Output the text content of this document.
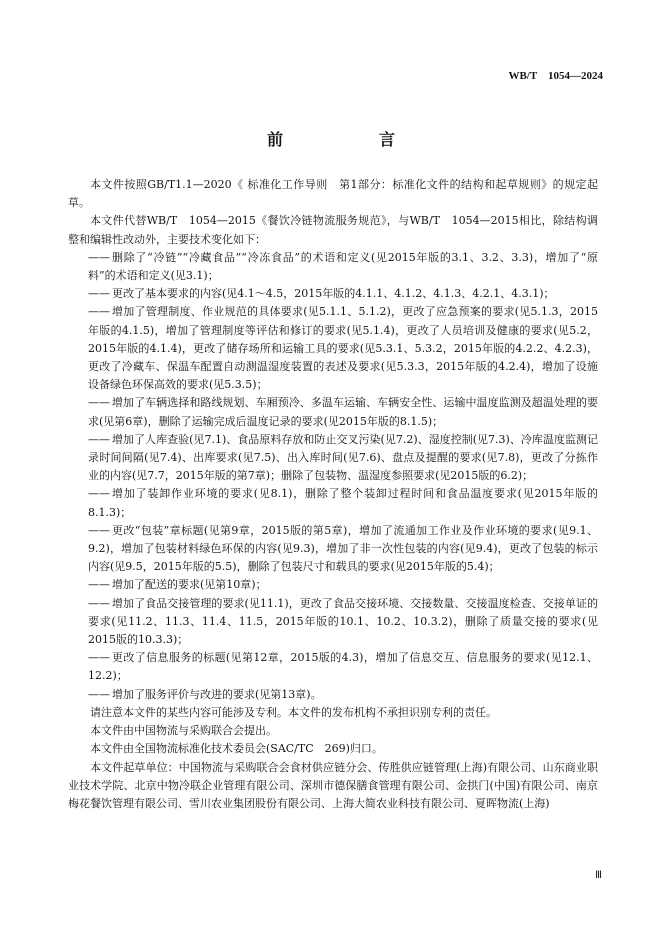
WB/T　1054—2024
前　言

本文件按照GB/T1.1—2020《 标准化工作导则　第1部分：标准化文件的结构和起草规则》的规定起草。

本文件代替WB/T　1054—2015《餐饮冷链物流服务规范》，与WB/T　1054—2015相比，除结构调整和编辑性改动外，主要技术变化如下：

—— 删除了“冷链”“冷藏食品”“冷冻食品”的术语和定义(见2015年版的3.1、3.2、3.3)，增加了“原料”的术语和定义(见3.1)；

—— 更改了基本要求的内容(见4.1～4.5，2015年版的4.1.1、4.1.2、4.1.3、4.2.1、4.3.1)；

—— 增加了管理制度、作业规范的具体要求(见5.1.1、5.1.2)，更改了应急预案的要求(见5.1.3，2015年版的4.1.5)，增加了管理制度等评估和修订的要求(见5.1.4)，更改了人员培训及健康的要求(见5.2，2015年版的4.1.4)，更改了储存场所和运输工具的要求(见5.3.1、5.3.2，2015年版的4.2.2、4.2.3)，更改了冷藏车、保温车配置自动测温湿度装置的表述及要求(见5.3.3，2015年版的4.2.4)，增加了设施设备绿色环保高效的要求(见5.3.5)；

—— 增加了车辆选择和路线规划、车厢预冷、多温车运输、车辆安全性、运输中温度监测及超温处理的要求(见第6章)，删除了运输完成后温度记录的要求(见2015年版的8.1.5)；

—— 增加了人库查验(见7.1)、食品原料存放和防止交叉污染(见7.2)、湿度控制(见7.3)、冷库温度监测记录时间间隔(见7.4)、出库要求(见7.5)、出入库时间(见7.6)、盘点及提醒的要求(见7.8)，更改了分拣作业的内容(见7.7，2015年版的第7章)；删除了包装物、温湿度参照要求(见2015版的6.2)；

—— 增加了装卸作业环境的要求(见8.1)，删除了整个装卸过程时间和食品温度要求(见2015年版的8.1.3)；

—— 更改“包装”章标题(见第9章，2015版的第5章)，增加了流通加工作业及作业环境的要求(见9.1、9.2)，增加了包装材料绿色环保的内容(见9.3)，增加了非一次性包装的内容(见9.4)，更改了包装的标示内容(见9.5，2015年版的5.5)，删除了包装尺寸和载具的要求(见2015年版的5.4)；

—— 增加了配送的要求(见第10章)；

—— 增加了食品交接管理的要求(见11.1)，更改了食品交接环境、交接数量、交接温度检查、交接单证的要求(见11.2、11.3、11.4、11.5，2015年版的10.1、10.2、10.3.2)，删除了质量交接的要求(见2015版的10.3.3)；

—— 更改了信息服务的标题(见第12章，2015版的4.3)，增加了信息交互、信息服务的要求(见12.1、12.2)；

—— 增加了服务评价与改进的要求(见第13章)。

请注意本文件的某些内容可能涉及专利。本文件的发布机构不承担识别专利的责任。

本文件由中国物流与采购联合会提出。

本文件由全国物流标准化技术委员会(SAC/TC　269)归口。

本文件起草单位：中国物流与采购联合会食材供应链分会、传胜供应链管理(上海)有限公司、山东商业职业技术学院、北京中物冷联企业管理有限公司、深圳市德保膳食管理有限公司、金拱门(中国)有限公司、南京梅花餐饮管理有限公司、雪川农业集团股份有限公司、上海大简农业科技有限公司、夏晖物流(上海)

Ⅲ
